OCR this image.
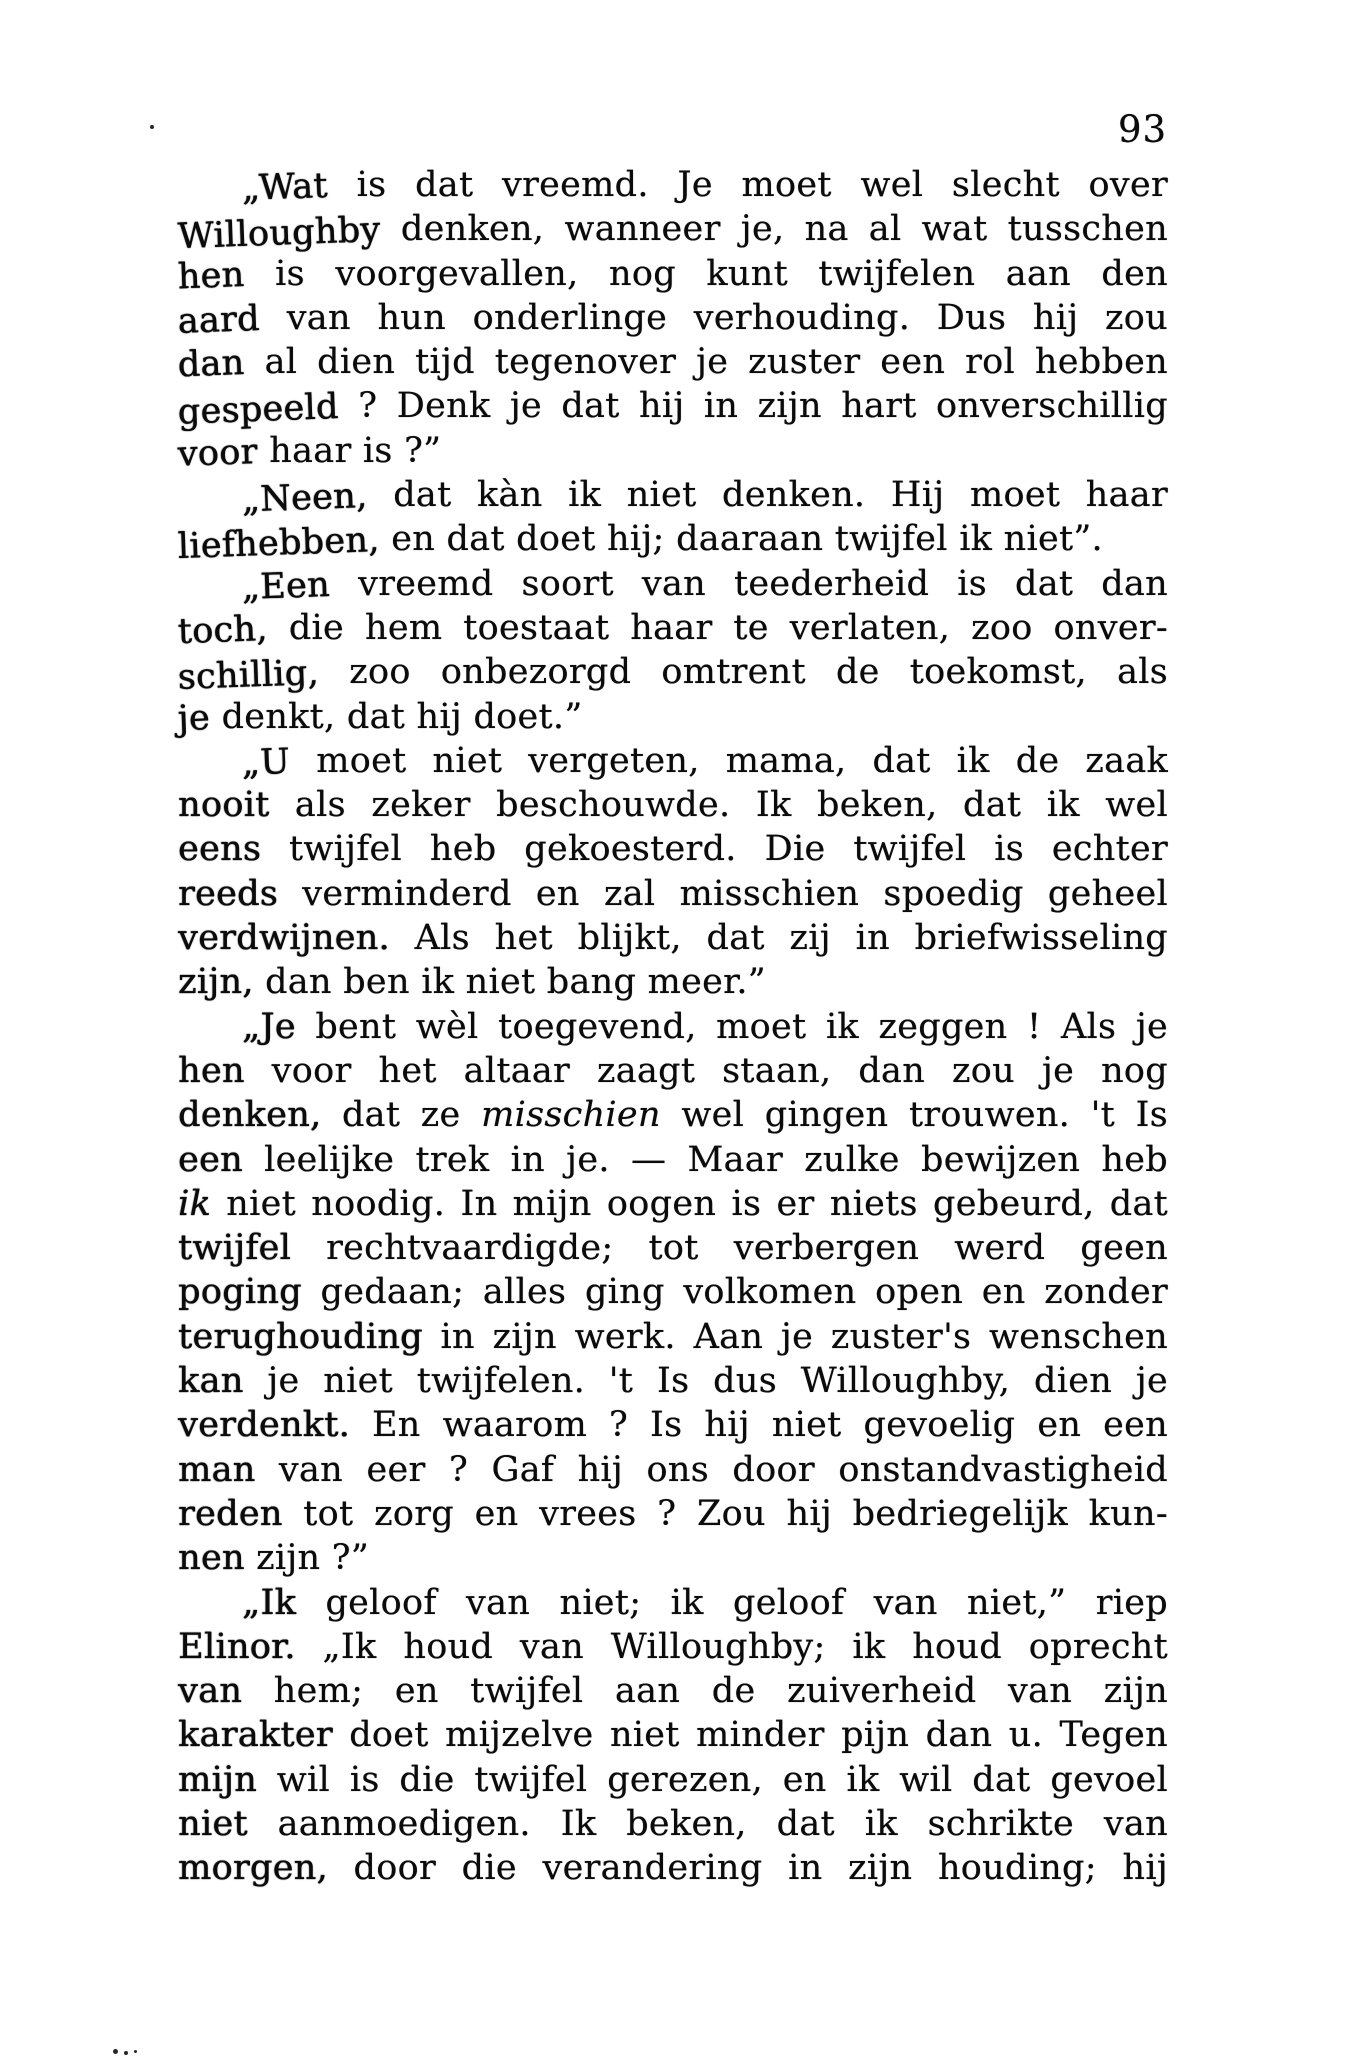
93
„Wat is dat vreemd. Je moet wel slecht over
Willoughby denken, wanneer je, na al wat tusschen
hen is voorgevallen, nog kunt twijfelen aan den
aard van hun onderlinge verhouding. Dus hij zou
dan al dien tijd tegenover je zuster een rol hebben
gespeeld ? Denk je dat hij in zijn hart onverschillig
voor haar is ?”
„Neen, dat kàn ik niet denken. Hij moet haar
liefhebben, en dat doet hij; daaraan twijfel ik niet”.
„Een vreemd soort van teederheid is dat dan
toch, die hem toestaat haar te verlaten, zoo onver-
schillig, zoo onbezorgd omtrent de toekomst, als
je denkt, dat hij doet.”
„U moet niet vergeten, mama, dat ik de zaak
nooit als zeker beschouwde. Ik beken, dat ik wel
eens twijfel heb gekoesterd. Die twijfel is echter
reeds verminderd en zal misschien spoedig geheel
verdwijnen. Als het blijkt, dat zij in briefwisseling
zijn, dan ben ik niet bang meer.”
„Je bent wèl toegevend, moet ik zeggen ! Als je
hen voor het altaar zaagt staan, dan zou je nog
denken, dat ze misschien wel gingen trouwen. 't Is
een leelijke trek in je. — Maar zulke bewijzen heb
ik niet noodig. In mijn oogen is er niets gebeurd, dat
twijfel rechtvaardigde; tot verbergen werd geen
poging gedaan; alles ging volkomen open en zonder
terughouding in zijn werk. Aan je zuster's wenschen
kan je niet twijfelen. 't Is dus Willoughby, dien je
verdenkt. En waarom ? Is hij niet gevoelig en een
man van eer ? Gaf hij ons door onstandvastigheid
reden tot zorg en vrees ? Zou hij bedriegelijk kun-
nen zijn ?”
„Ik geloof van niet; ik geloof van niet,” riep
Elinor. „Ik houd van Willoughby; ik houd oprecht
van hem; en twijfel aan de zuiverheid van zijn
karakter doet mijzelve niet minder pijn dan u. Tegen
mijn wil is die twijfel gerezen, en ik wil dat gevoel
niet aanmoedigen. Ik beken, dat ik schrikte van
morgen, door die verandering in zijn houding; hij
